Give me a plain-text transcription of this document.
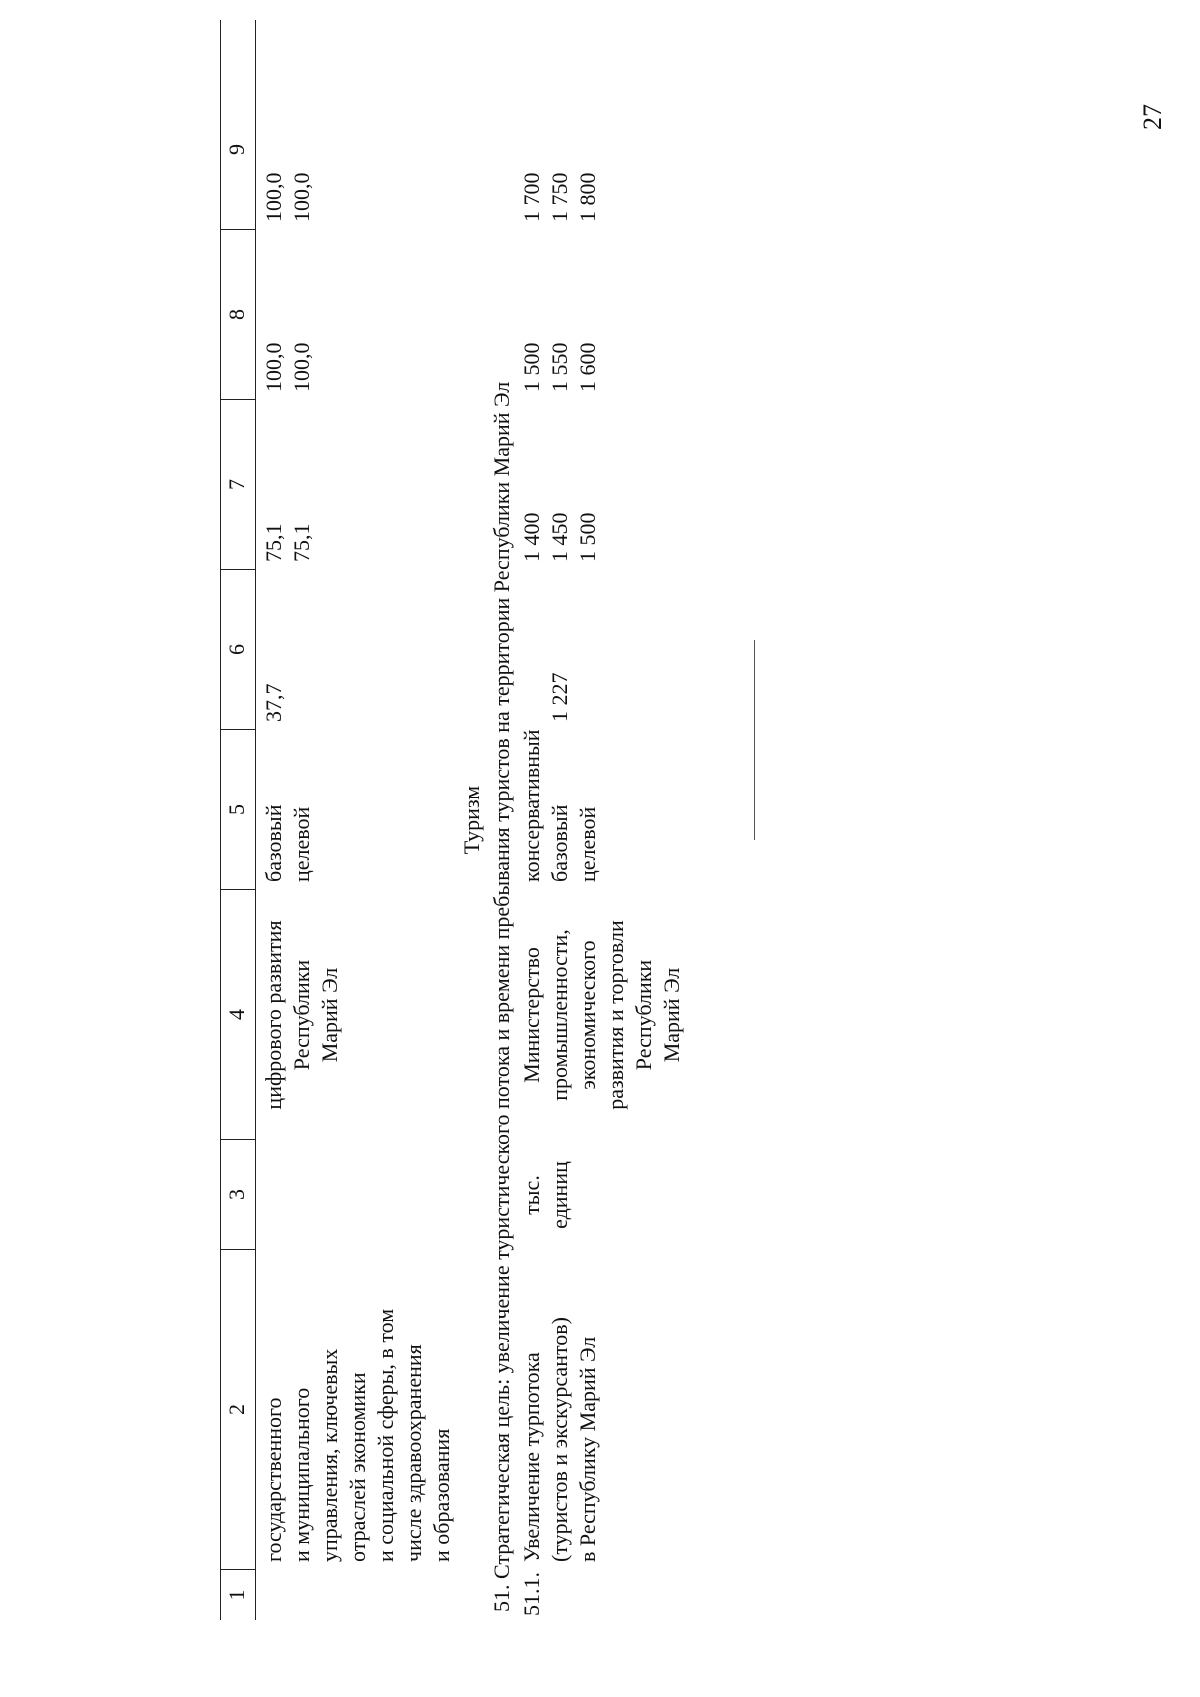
27
1
2
3
4
5
6
7
8
9
государственного и муниципального управления, ключевых отраслей экономики и социальной сферы, в том числе здравоохранения и образования
цифрового развития Республики Марий Эл
базовый целевой
37,7

75,1 75,1
100,0 100,0
100,0 100,0
Туризм 51. Стратегическая цель: увеличение туристического потока и времени пребывания туристов на территории Республики Марий Эл 51.1.
Увеличение турпотока (туристов и экскурсантов) в Республику Марий Эл
тыс. единиц
Министерство промышленности, экономического развития и торговли Республики Марий Эл
консервативный базовый целевой

1 227

1 400 1 450 1 500
1 500 1 550 1 600
1 700 1 750 1 800
